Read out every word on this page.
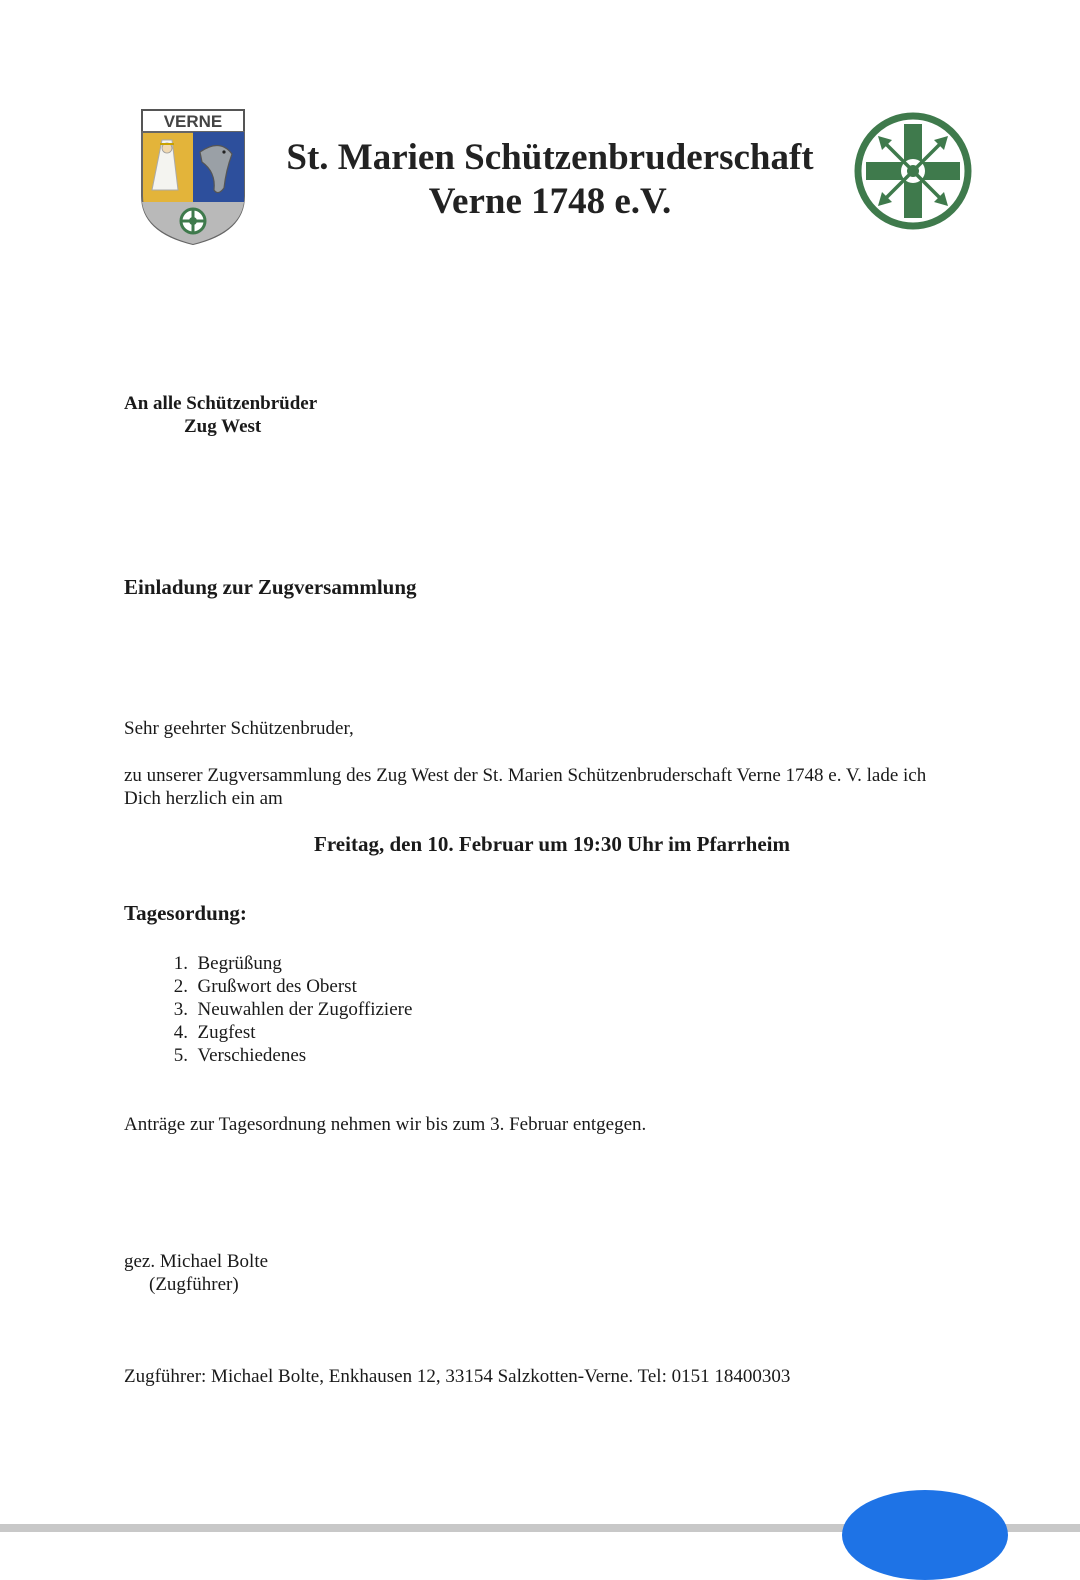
VERNE
St. Marien Schützenbruderschaft
Verne 1748 e.V.
An alle Schützenbrüder
Zug West
Einladung zur Zugversammlung
Sehr geehrter Schützenbruder,
zu unserer Zugversammlung des Zug West der St. Marien Schützenbruderschaft Verne 1748 e. V. lade ich
Dich herzlich ein am
Freitag, den 10. Februar um 19:30 Uhr im Pfarrheim
Tagesordung:
1.
Begrüßung
2.
Grußwort des Oberst
3.
Neuwahlen der Zugoffiziere
4.
Zugfest
5.
Verschiedenes
Anträge zur Tagesordnung nehmen wir bis zum 3. Februar entgegen.
gez. Michael Bolte
(Zugführer)
Zugführer: Michael Bolte, Enkhausen 12, 33154 Salzkotten-Verne. Tel: 0151 18400303
